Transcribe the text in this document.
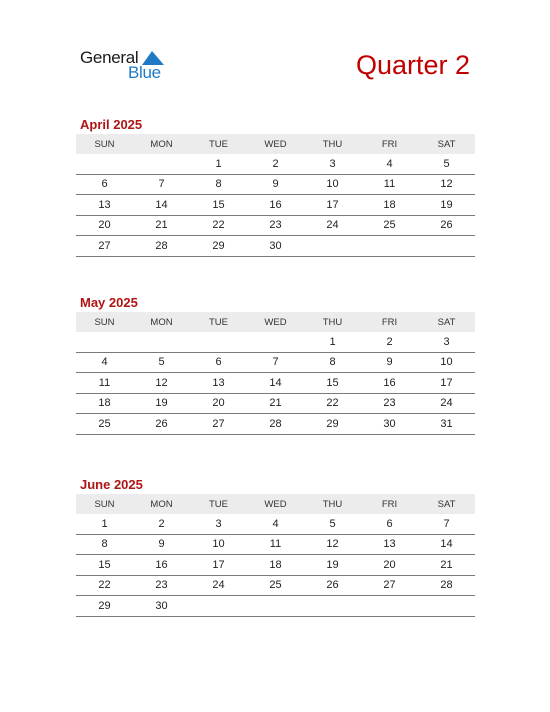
General
Blue	Quarter 2
April 2025
SUN	MON	TUE	WED	THU	FRI	SAT
		1	2	3	4	5
6	7	8	9	10	11	12
13	14	15	16	17	18	19
20	21	22	23	24	25	26
27	28	29	30			
May 2025
SUN	MON	TUE	WED	THU	FRI	SAT
				1	2	3
4	5	6	7	8	9	10
11	12	13	14	15	16	17
18	19	20	21	22	23	24
25	26	27	28	29	30	31
June 2025
SUN	MON	TUE	WED	THU	FRI	SAT
1	2	3	4	5	6	7
8	9	10	11	12	13	14
15	16	17	18	19	20	21
22	23	24	25	26	27	28
29	30					
